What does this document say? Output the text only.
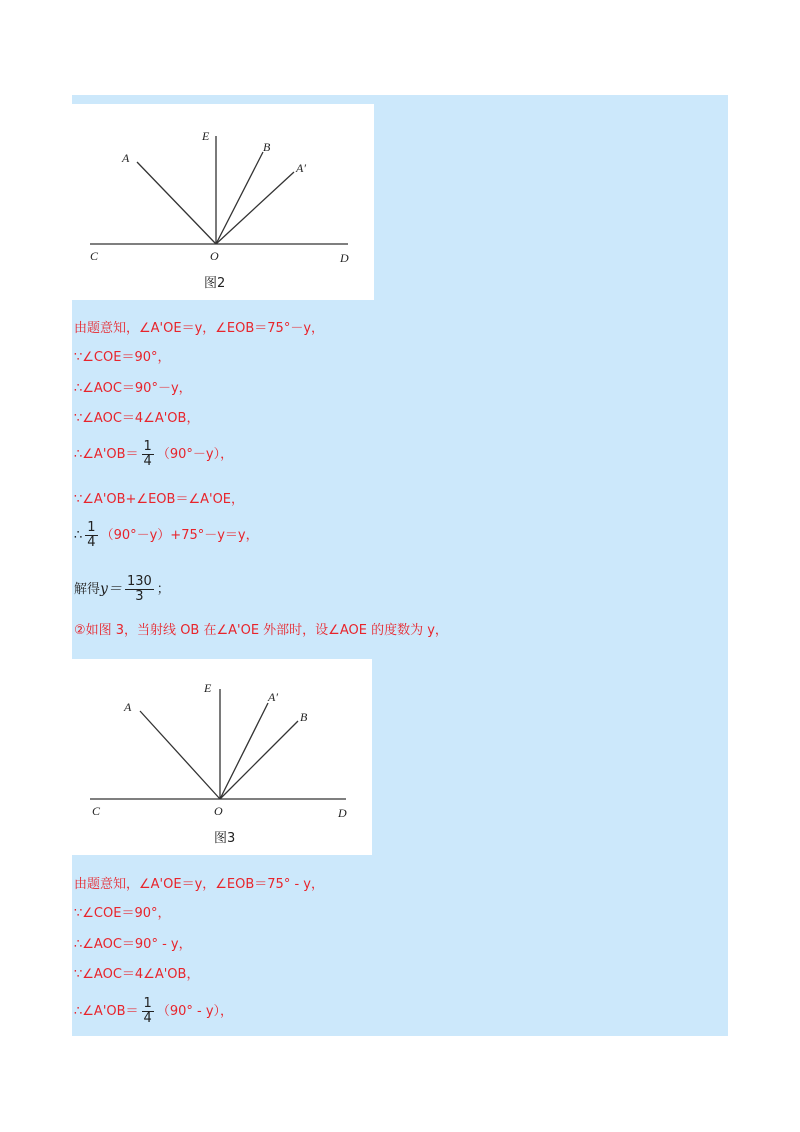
E
A
B
A′
C	O	D
图2
由题意知，∠A'OE＝y，∠EOB＝75°－y，
∵∠COE＝90°，
∴∠AOC＝90°－y，
∵∠AOC＝4∠A'OB，
∴∠A'OB＝ $\frac{1}{4} (90^\circ-y)$，
∵∠A'OB+∠EOB＝∠A'OE，
∴ $\frac{1}{4} (90^\circ-y)+75^\circ-y=y$，
解得$y= \frac{130}{3}$ ；
②如图 3，当射线 OB 在∠A'OE 外部时，设∠AOE 的度数为 y，
E
A
A′
B
C	O	D
图3
由题意知，∠A'OE＝y，∠EOB＝75° - y，
∵∠COE＝90°，
∴∠AOC＝90° - y，
∵∠AOC＝4∠A'OB，
∴∠A'OB＝ $\frac{1}{4} (90^\circ - y)$，
